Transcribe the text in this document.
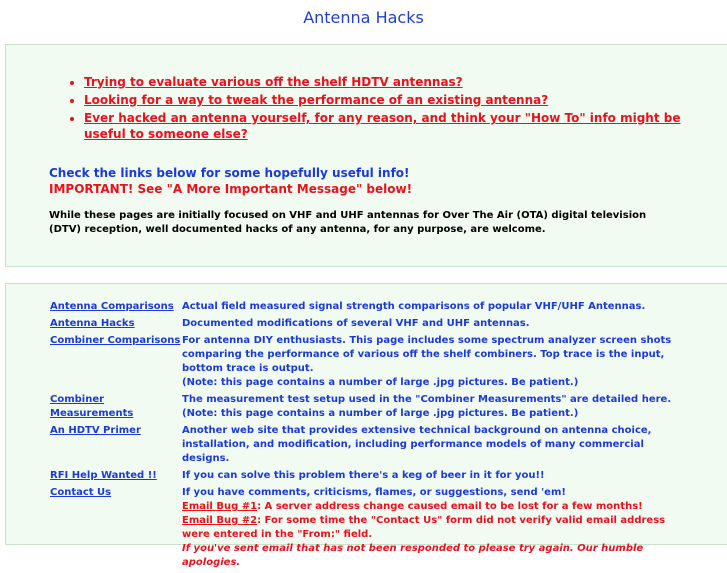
Antenna Hacks
• Trying to evaluate various off the shelf HDTV antennas?
• Looking for a way to tweak the performance of an existing antenna?
• Ever hacked an antenna yourself, for any reason, and think your "How To" info might be useful to someone else?
Check the links below for some hopefully useful info!
IMPORTANT! See "A More Important Message" below!
While these pages are initially focused on VHF and UHF antennas for Over The Air (OTA) digital television (DTV) reception, well documented hacks of any antenna, for any purpose, are welcome.
Antenna Comparisons	Actual field measured signal strength comparisons of popular VHF/UHF Antennas.
Antenna Hacks	Documented modifications of several VHF and UHF antennas.
Combiner Comparisons	For antenna DIY enthusiasts. This page includes some spectrum analyzer screen shots comparing the performance of various off the shelf combiners. Top trace is the input, bottom trace is output.
(Note: this page contains a number of large .jpg pictures. Be patient.)

Combiner Measurements	The measurement test setup used in the "Combiner Measurements" are detailed here.
(Note: this page contains a number of large .jpg pictures. Be patient.)

An HDTV Primer	Another web site that provides extensive technical background on antenna choice, installation, and modification, including performance models of many commercial designs.
RFI Help Wanted !!	If you can solve this problem there's a keg of beer in it for you!!
Contact Us	If you have comments, criticisms, flames, or suggestions, send 'em!
Email Bug #1: A server address change caused email to be lost for a few months!
Email Bug #2: For some time the "Contact Us" form did not verify valid email address were entered in the "From:" field.
If you've sent email that has not been responded to please try again. Our humble apologies.
